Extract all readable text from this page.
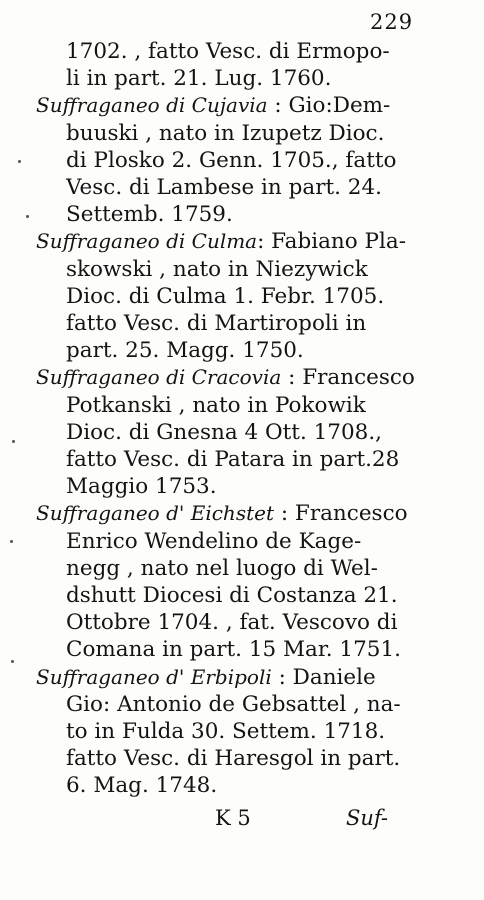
229
1702. , fatto Vesc. di Ermopo-
li in part. 21. Lug. 1760.
Suffraganeo di Cujavia : Gio:Dem-
buuski , nato in Izupetz Dioc.
di Plosko 2. Genn. 1705., fatto
Vesc. di Lambese in part. 24.
Settemb. 1759.
Suffraganeo di Culma: Fabiano Pla-
skowski , nato in Niezywick
Dioc. di Culma 1. Febr. 1705.
fatto Vesc. di Martiropoli in
part. 25. Magg. 1750.
Suffraganeo di Cracovia : Francesco
Potkanski , nato in Pokowik
Dioc. di Gnesna 4 Ott. 1708.,
fatto Vesc. di Patara in part.28
Maggio 1753.
Suffraganeo d' Eichstet : Francesco
Enrico Wendelino de Kage-
negg , nato nel luogo di Wel-
dshutt Diocesi di Costanza 21.
Ottobre 1704. , fat. Vescovo di
Comana in part. 15 Mar. 1751.
Suffraganeo d' Erbipoli : Daniele
Gio: Antonio de Gebsattel , na-
to in Fulda 30. Settem. 1718.
fatto Vesc. di Haresgol in part.
6. Mag. 1748.
K 5	Suf-
